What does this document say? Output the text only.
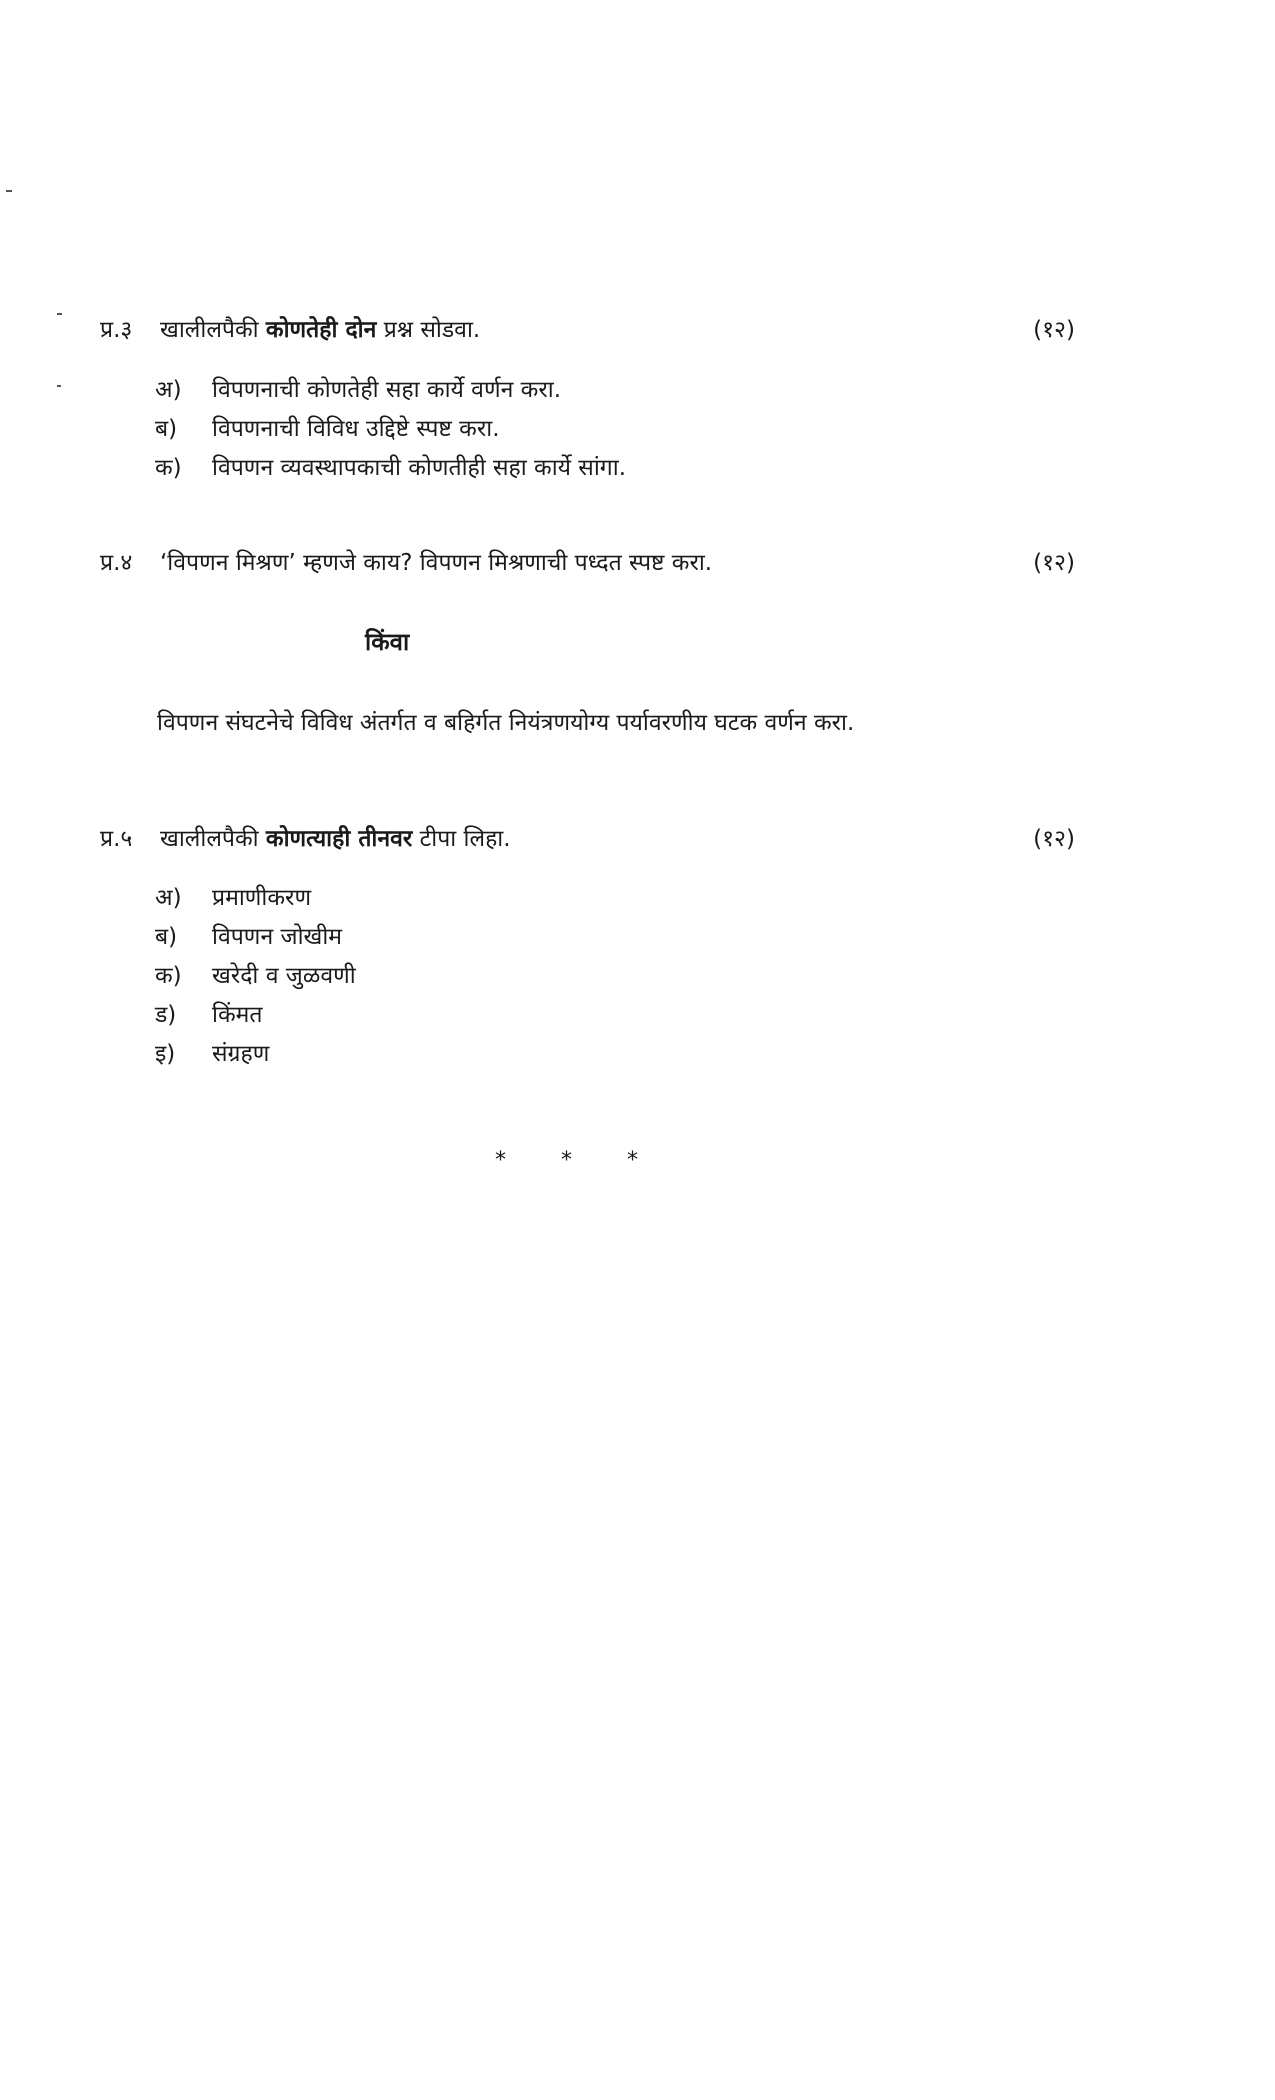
प्र.३	खालीलपैकी कोणतेही दोन प्रश्न सोडवा.	(१२)
अ)	विपणनाची कोणतेही सहा कार्ये वर्णन करा.
ब)	विपणनाची विविध उद्दिष्टे स्पष्ट करा.
क)	विपणन व्यवस्थापकाची कोणतीही सहा कार्ये सांगा.
प्र.४	‘विपणन मिश्रण’ म्हणजे काय? विपणन मिश्रणाची पध्दत स्पष्ट करा.	(१२)
किंवा
विपणन संघटनेचे विविध अंतर्गत व बहिर्गत नियंत्रणयोग्य पर्यावरणीय घटक वर्णन करा.
प्र.५	खालीलपैकी कोणत्याही तीनवर टीपा लिहा.	(१२)
अ)	प्रमाणीकरण
ब)	विपणन जोखीम
क)	खरेदी व जुळवणी
ड)	किंमत
इ)	संग्रहण
*	*	*
